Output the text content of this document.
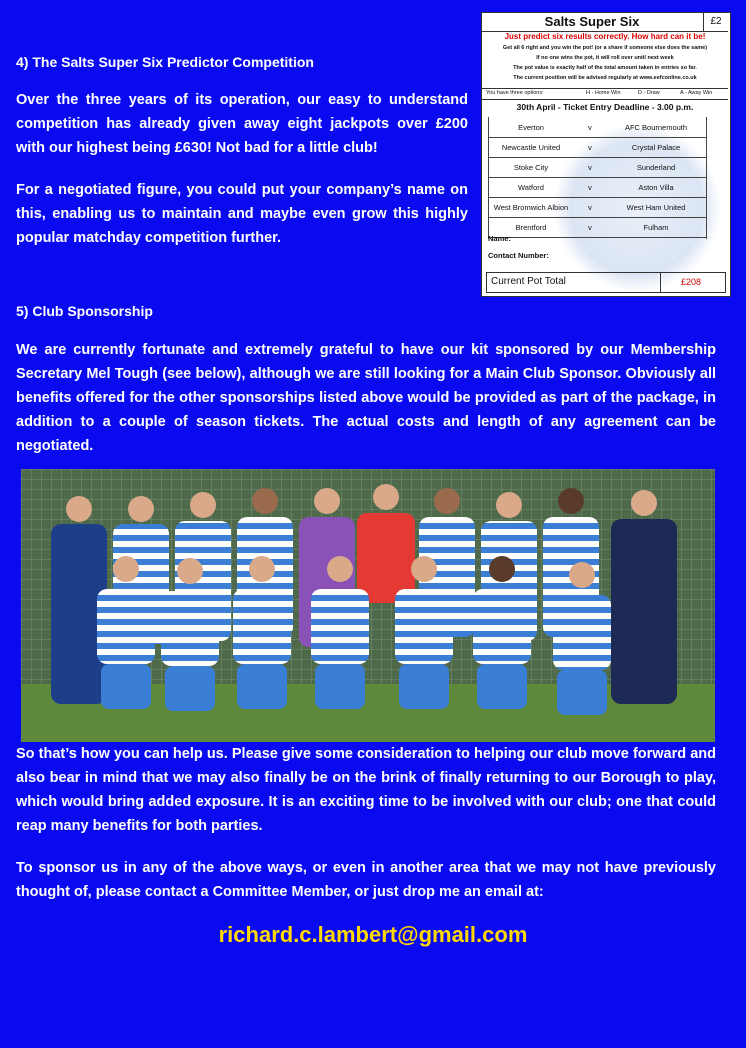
4) The Salts Super Six Predictor Competition
Over the three years of its operation, our easy to understand competition has already given away eight jackpots over £200 with our highest being £630! Not bad for a little club!
For a negotiated figure, you could put your company’s name on this, enabling us to maintain and maybe even grow this highly popular matchday competition further.
Salts Super Six	£2
Just predict six results correctly. How hard can it be!
Get all 6 right and you win the pot! (or a share if someone else does the same)
If no one wins the pot, it will roll over until next week
The pot value is exactly half of the total amount taken in entries so far.
The current position will be advised regularly at www.eefconline.co.uk
You have three options:	H - Home Win	D - Draw	A - Away Win
30th April - Ticket Entry Deadline - 3.00 p.m.
Everton	v	AFC Bournemouth
Newcastle United	v	Crystal Palace
Stoke City	v	Sunderland
Watford	v	Aston Villa
West Bromwich Albion	v	West Ham United
Brentford	v	Fulham
Name:
Contact Number:
Current Pot Total	£208
5) Club Sponsorship
We are currently fortunate and extremely grateful to have our kit sponsored by our Membership Secretary Mel Tough (see below), although we are still looking for a Main Club Sponsor. Obviously all benefits offered for the other sponsorships listed above would be provided as part of the package, in addition to a couple of season tickets. The actual costs and length of any agreement can be negotiated.
So that’s how you can help us. Please give some consideration to helping our club move forward and also bear in mind that we may also finally be on the brink of finally returning to our Borough to play, which would bring added exposure. It is an exciting time to be involved with our club; one that could reap many benefits for both parties.
To sponsor us in any of the above ways, or even in another area that we may not have previously thought of, please contact a Committee Member, or just drop me an email at:
richard.c.lambert@gmail.com
